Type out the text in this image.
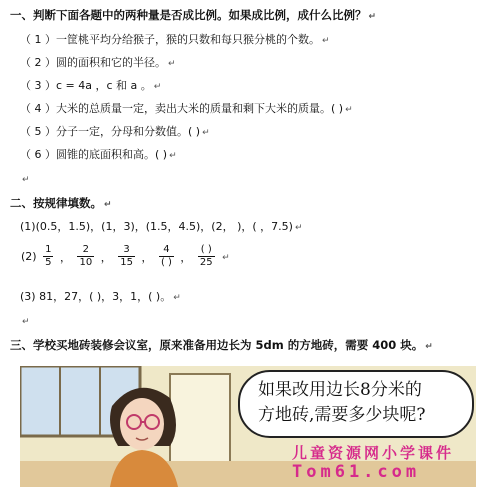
一、判断下面各题中的两种量是否成比例。如果成比例，成什么比例？ ↵
（ 1 ）一筐桃平均分给猴子，猴的只数和每只猴分桃的个数。 ↵
（ 2 ）圆的面积和它的半径。 ↵
（ 3 ）c = 4a ，c 和 a 。 ↵
（ 4 ）大米的总质量一定，卖出大米的质量和剩下大米的质量。( ) ↵
（ 5 ）分子一定，分母和分数值。( ) ↵
（ 6 ）圆锥的底面积和高。( ) ↵
↵
二、按规律填数。 ↵
(1)(0.5，1.5)，(1，3)，(1.5，4.5)，(2， )，( ，7.5) ↵
$(2) \frac{1}{5}$ ， $\frac{2}{10}$ ， $\frac{3}{15}$ ， $\frac{4}{( )}$ ， $\frac{( )}{25}$ ↵
(3) 81，27，( )，3，1，( )。 ↵
↵
三、学校买地砖装修会议室，原来准备用边长为 5dm 的方地砖，需要 400 块。 ↵
如果改用边长8分米的
方地砖,需要多少块呢?
儿童资源网小学课件
Tom61.com
